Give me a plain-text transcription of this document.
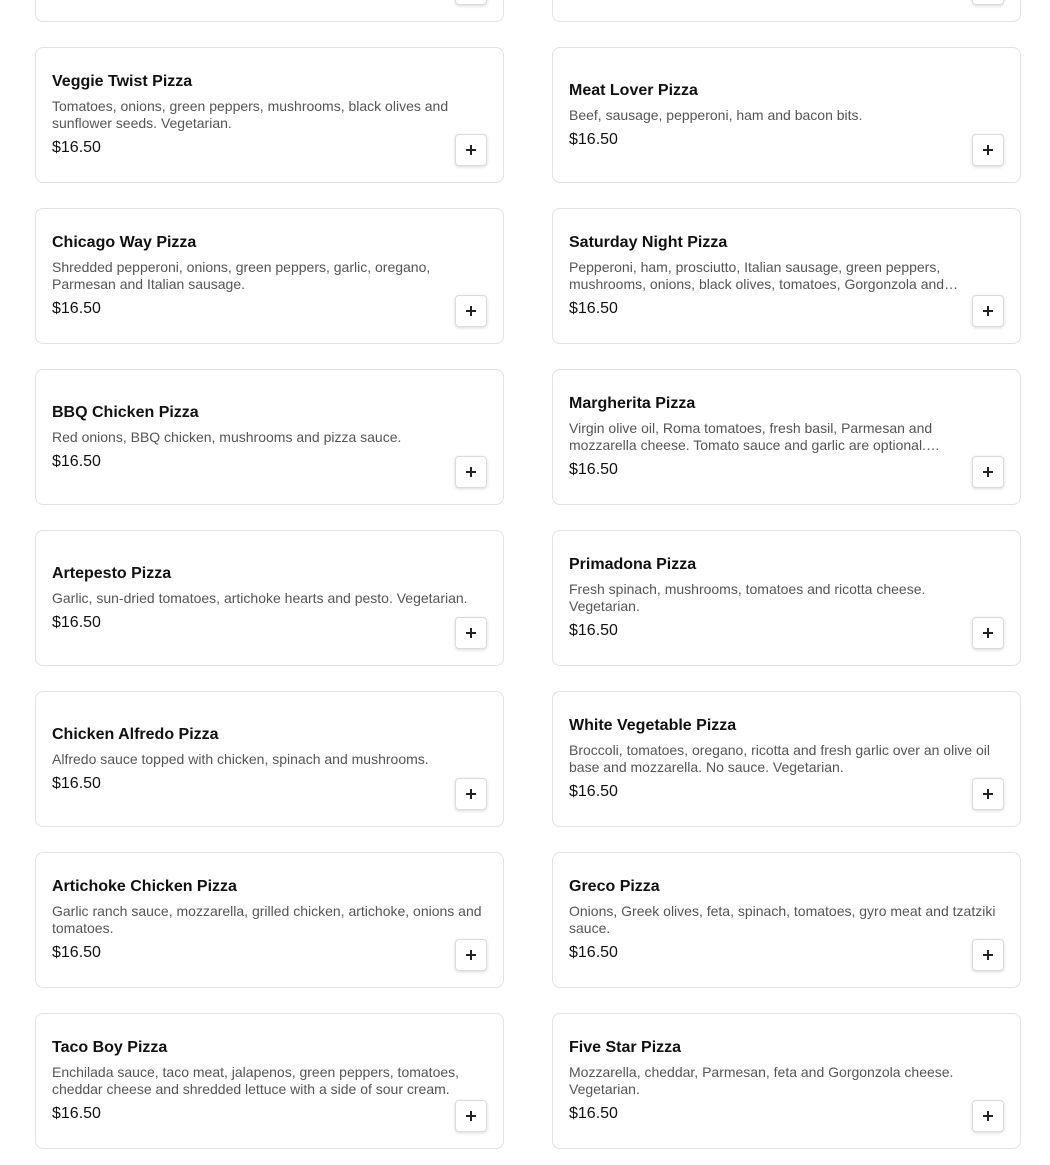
Veggie Twist Pizza
Tomatoes, onions, green peppers, mushrooms, black olives and sunflower seeds. Vegetarian.
$16.50
Meat Lover Pizza
Beef, sausage, pepperoni, ham and bacon bits.
$16.50
Chicago Way Pizza
Shredded pepperoni, onions, green peppers, garlic, oregano, Parmesan and Italian sausage.
$16.50
Saturday Night Pizza
Pepperoni, ham, prosciutto, Italian sausage, green peppers, mushrooms, onions, black olives, tomatoes, Gorgonzola and…
$16.50
BBQ Chicken Pizza
Red onions, BBQ chicken, mushrooms and pizza sauce.
$16.50
Margherita Pizza
Virgin olive oil, Roma tomatoes, fresh basil, Parmesan and mozzarella cheese. Tomato sauce and garlic are optional.…
$16.50
Artepesto Pizza
Garlic, sun-dried tomatoes, artichoke hearts and pesto. Vegetarian.
$16.50
Primadona Pizza
Fresh spinach, mushrooms, tomatoes and ricotta cheese. Vegetarian.
$16.50
Chicken Alfredo Pizza
Alfredo sauce topped with chicken, spinach and mushrooms.
$16.50
White Vegetable Pizza
Broccoli, tomatoes, oregano, ricotta and fresh garlic over an olive oil base and mozzarella. No sauce. Vegetarian.
$16.50
Artichoke Chicken Pizza
Garlic ranch sauce, mozzarella, grilled chicken, artichoke, onions and tomatoes.
$16.50
Greco Pizza
Onions, Greek olives, feta, spinach, tomatoes, gyro meat and tzatziki sauce.
$16.50
Taco Boy Pizza
Enchilada sauce, taco meat, jalapenos, green peppers, tomatoes, cheddar cheese and shredded lettuce with a side of sour cream.
$16.50
Five Star Pizza
Mozzarella, cheddar, Parmesan, feta and Gorgonzola cheese. Vegetarian.
$16.50
